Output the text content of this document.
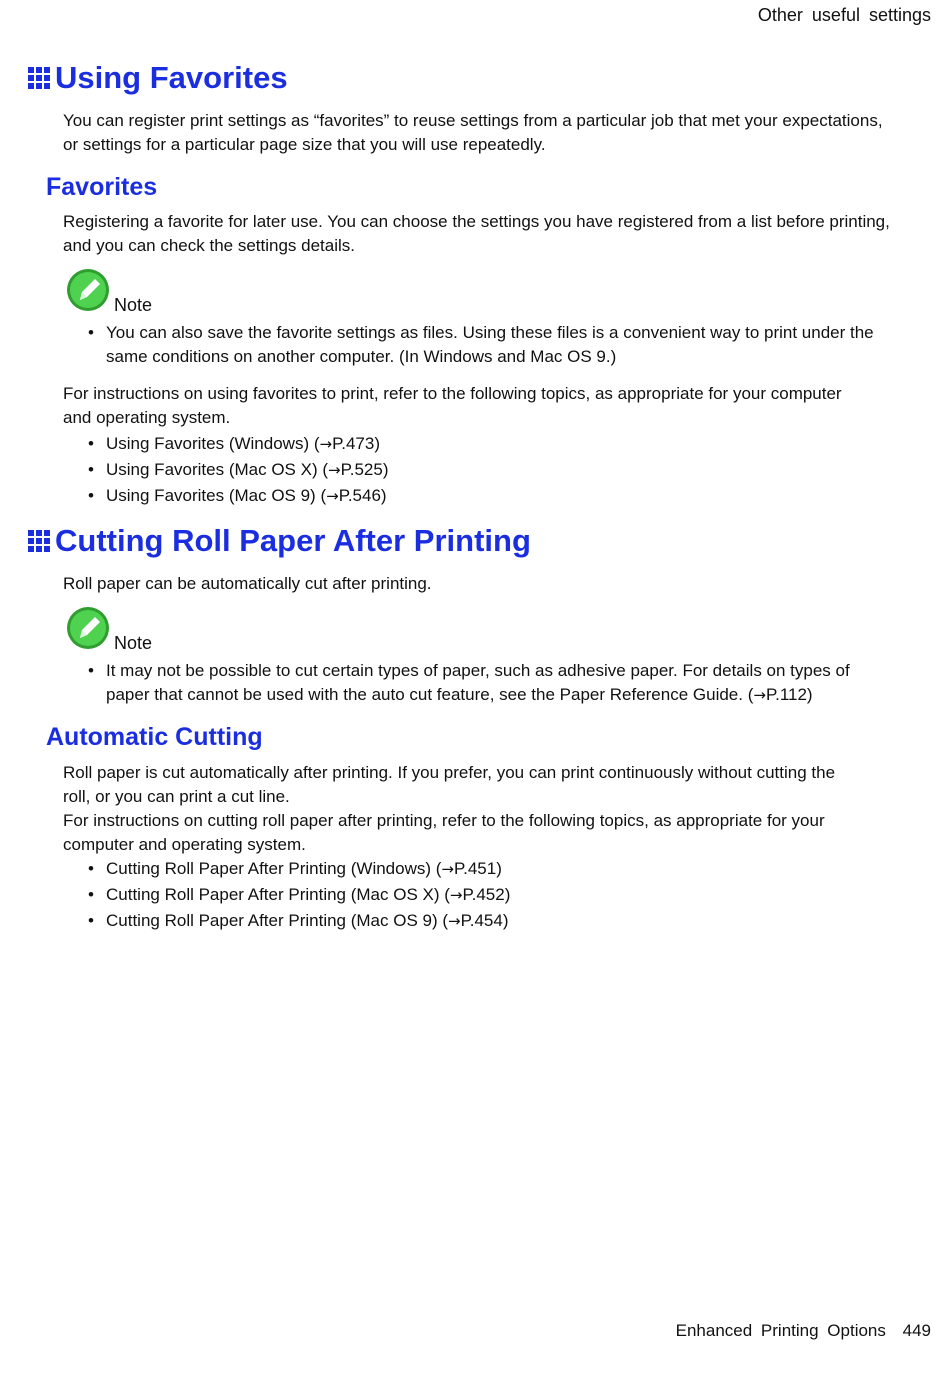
Other useful settings
Using Favorites
You can register print settings as “favorites” to reuse settings from a particular job that met your expectations,
or settings for a particular page size that you will use repeatedly.
Favorites
Registering a favorite for later use. You can choose the settings you have registered from a list before printing,
and you can check the settings details.
Note
• You can also save the favorite settings as files. Using these files is a convenient way to print under the
same conditions on another computer. (In Windows and Mac OS 9.)
For instructions on using favorites to print, refer to the following topics, as appropriate for your computer
and operating system.
• Using Favorites (Windows) (→P.473)
• Using Favorites (Mac OS X) (→P.525)
• Using Favorites (Mac OS 9) (→P.546)
Cutting Roll Paper After Printing
Roll paper can be automatically cut after printing.
Note
• It may not be possible to cut certain types of paper, such as adhesive paper. For details on types of
paper that cannot be used with the auto cut feature, see the Paper Reference Guide. (→P.112)
Automatic Cutting
Roll paper is cut automatically after printing. If you prefer, you can print continuously without cutting the
roll, or you can print a cut line.
For instructions on cutting roll paper after printing, refer to the following topics, as appropriate for your
computer and operating system.
• Cutting Roll Paper After Printing (Windows) (→P.451)
• Cutting Roll Paper After Printing (Mac OS X) (→P.452)
• Cutting Roll Paper After Printing (Mac OS 9) (→P.454)
Enhanced Printing Options 449
